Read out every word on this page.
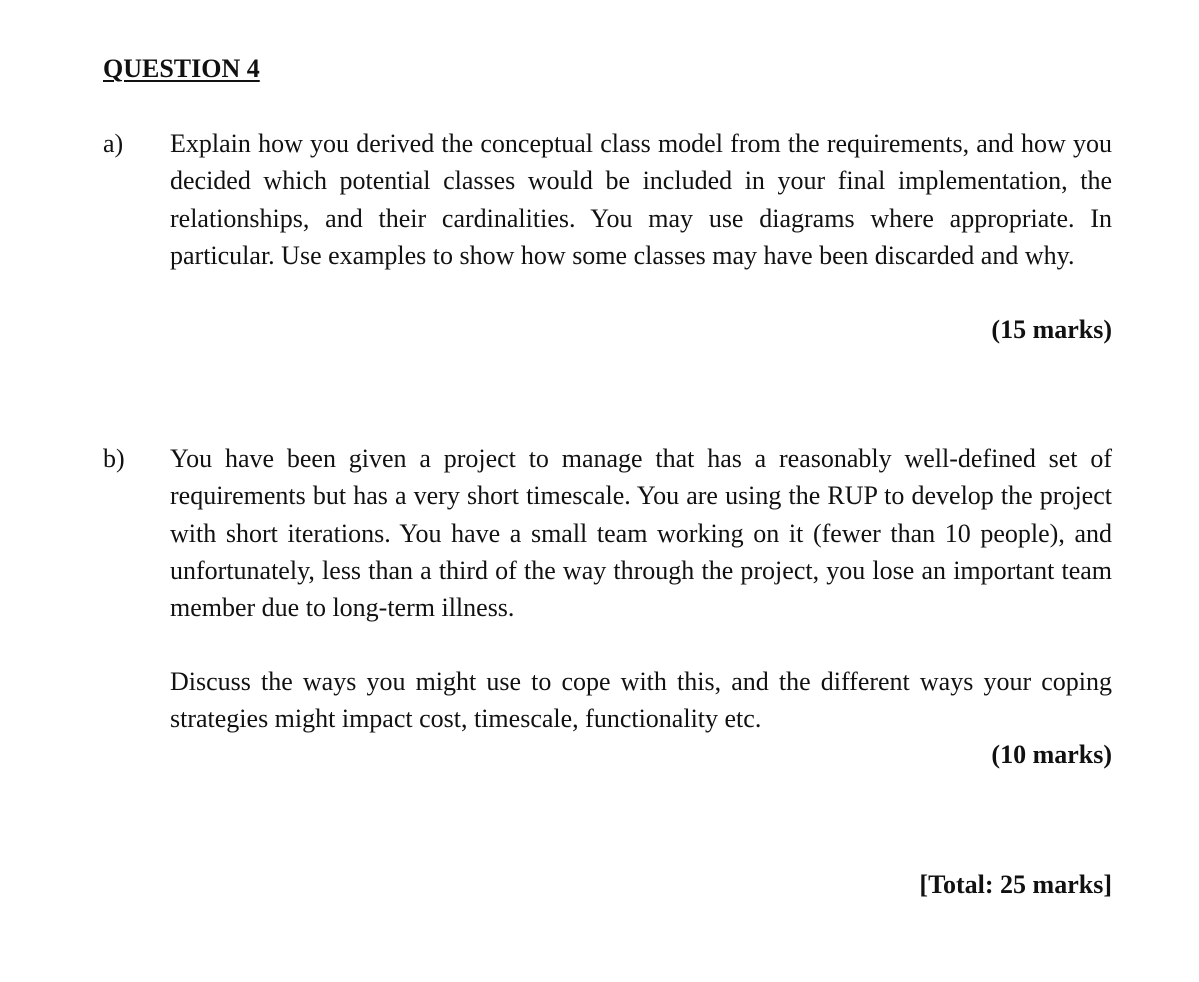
QUESTION 4
a) Explain how you derived the conceptual class model from the requirements, and how you decided which potential classes would be included in your final implementation, the relationships, and their cardinalities. You may use diagrams where appropriate. In particular. Use examples to show how some classes may have been discarded and why.

(15 marks)
b) You have been given a project to manage that has a reasonably well-defined set of requirements but has a very short timescale. You are using the RUP to develop the project with short iterations. You have a small team working on it (fewer than 10 people), and unfortunately, less than a third of the way through the project, you lose an important team member due to long-term illness.

Discuss the ways you might use to cope with this, and the different ways your coping strategies might impact cost, timescale, functionality etc.

(10 marks)
[Total: 25 marks]
